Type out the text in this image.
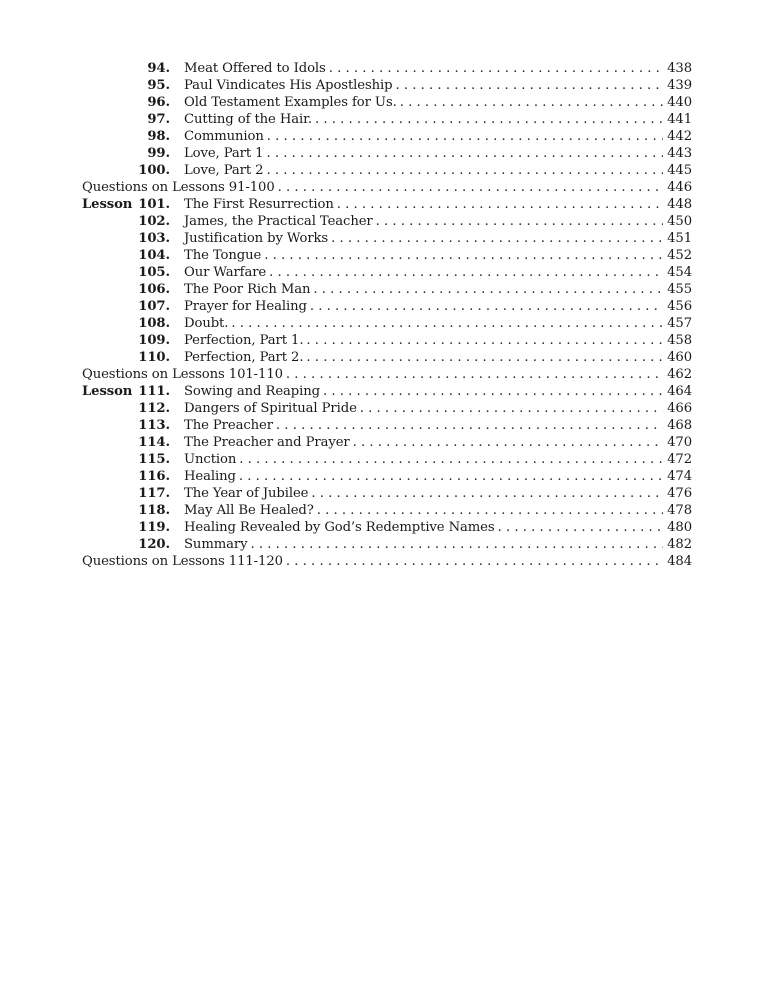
94. Meat Offered to Idols . . .	438
95. Paul Vindicates His Apostleship . . .	439
96. Old Testament Examples for Us. . . .	440
97. Cutting of the Hair. . . .	441
98. Communion . . .	442
99. Love, Part 1 . . .	443
100. Love, Part 2 . . .	445
Questions on Lessons 91-100 . . .	446
Lesson 101. The First Resurrection . . .	448
102. James, the Practical Teacher . . .	450
103. Justification by Works . . .	451
104. The Tongue . . .	452
105. Our Warfare . . .	454
106. The Poor Rich Man . . .	455
107. Prayer for Healing . . .	456
108. Doubt. . . .	457
109. Perfection, Part 1. . . .	458
110. Perfection, Part 2. . . .	460
Questions on Lessons 101-110 . . .	462
Lesson 111. Sowing and Reaping . . .	464
112. Dangers of Spiritual Pride . . .	466
113. The Preacher . . .	468
114. The Preacher and Prayer . . .	470
115. Unction . . .	472
116. Healing . . .	474
117. The Year of Jubilee . . .	476
118. May All Be Healed? . . .	478
119. Healing Revealed by God’s Redemptive Names . . .	480
120. Summary . . .	482
Questions on Lessons 111-120 . . .	484
